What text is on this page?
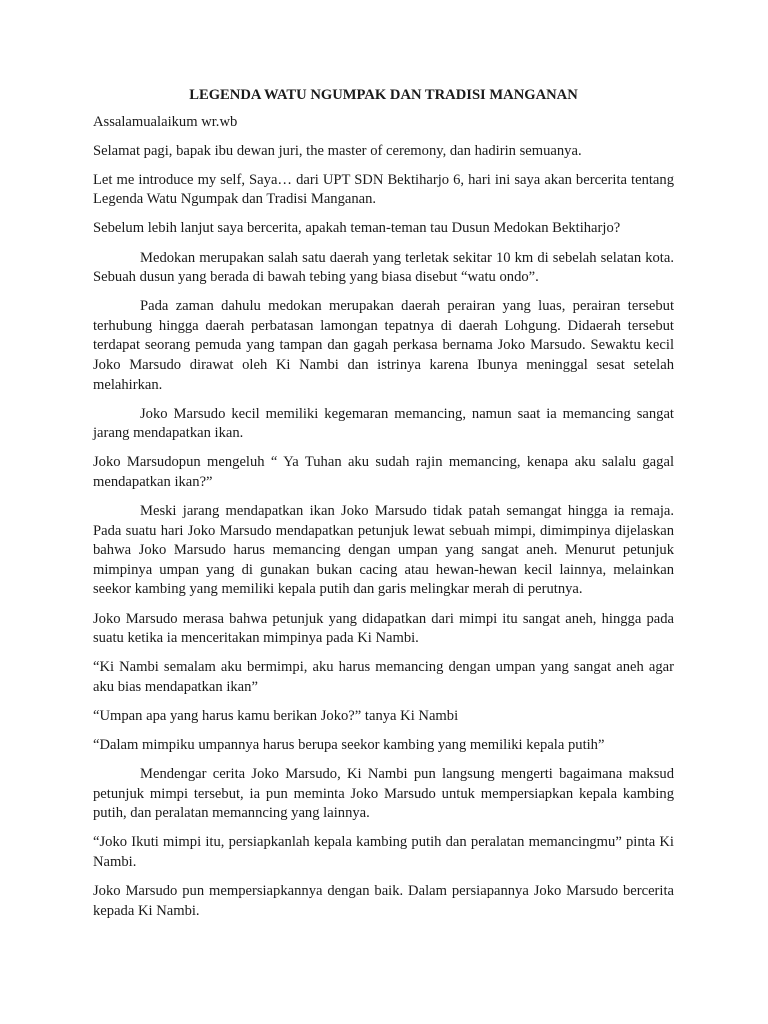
LEGENDA WATU NGUMPAK DAN TRADISI MANGANAN

Assalamualaikum wr.wb

Selamat pagi, bapak ibu dewan juri, the master of ceremony, dan hadirin semuanya.

Let me introduce my self, Saya… dari UPT SDN Bektiharjo 6, hari ini saya akan bercerita tentang Legenda Watu Ngumpak dan Tradisi Manganan.

Sebelum lebih lanjut saya bercerita, apakah teman-teman tau Dusun Medokan Bektiharjo?

Medokan merupakan salah satu daerah yang terletak sekitar 10 km di sebelah selatan kota. Sebuah dusun yang berada di bawah tebing yang biasa disebut “watu ondo”.

Pada zaman dahulu medokan merupakan daerah perairan yang luas, perairan tersebut terhubung hingga daerah perbatasan lamongan tepatnya di daerah Lohgung. Didaerah tersebut terdapat seorang pemuda yang tampan dan gagah perkasa bernama Joko Marsudo. Sewaktu kecil Joko Marsudo dirawat oleh Ki Nambi dan istrinya karena Ibunya meninggal sesat setelah melahirkan.

Joko Marsudo kecil memiliki kegemaran memancing, namun saat ia memancing sangat jarang mendapatkan ikan.

Joko Marsudopun mengeluh “ Ya Tuhan aku sudah rajin memancing, kenapa aku salalu gagal mendapatkan ikan?”

Meski jarang mendapatkan ikan Joko Marsudo tidak patah semangat hingga ia remaja. Pada suatu hari Joko Marsudo mendapatkan petunjuk lewat sebuah mimpi, dimimpinya dijelaskan bahwa Joko Marsudo harus memancing dengan umpan yang sangat aneh. Menurut petunjuk mimpinya umpan yang di gunakan bukan cacing atau hewan-hewan kecil lainnya, melainkan seekor kambing yang memiliki kepala putih dan garis melingkar merah di perutnya.

Joko Marsudo merasa bahwa petunjuk yang didapatkan dari mimpi itu sangat aneh, hingga pada suatu ketika ia menceritakan mimpinya pada Ki Nambi.

“Ki Nambi semalam aku bermimpi, aku harus memancing dengan umpan yang sangat aneh agar aku bias mendapatkan ikan”

“Umpan apa yang harus kamu berikan Joko?” tanya Ki Nambi

“Dalam mimpiku umpannya harus berupa seekor kambing yang memiliki kepala putih”

Mendengar cerita Joko Marsudo, Ki Nambi pun langsung mengerti bagaimana maksud petunjuk mimpi tersebut, ia pun meminta Joko Marsudo untuk mempersiapkan kepala kambing putih, dan peralatan memanncing yang lainnya.

“Joko Ikuti mimpi itu, persiapkanlah kepala kambing putih dan peralatan memancingmu” pinta Ki Nambi.

Joko Marsudo pun mempersiapkannya dengan baik. Dalam persiapannya Joko Marsudo bercerita kepada Ki Nambi.
